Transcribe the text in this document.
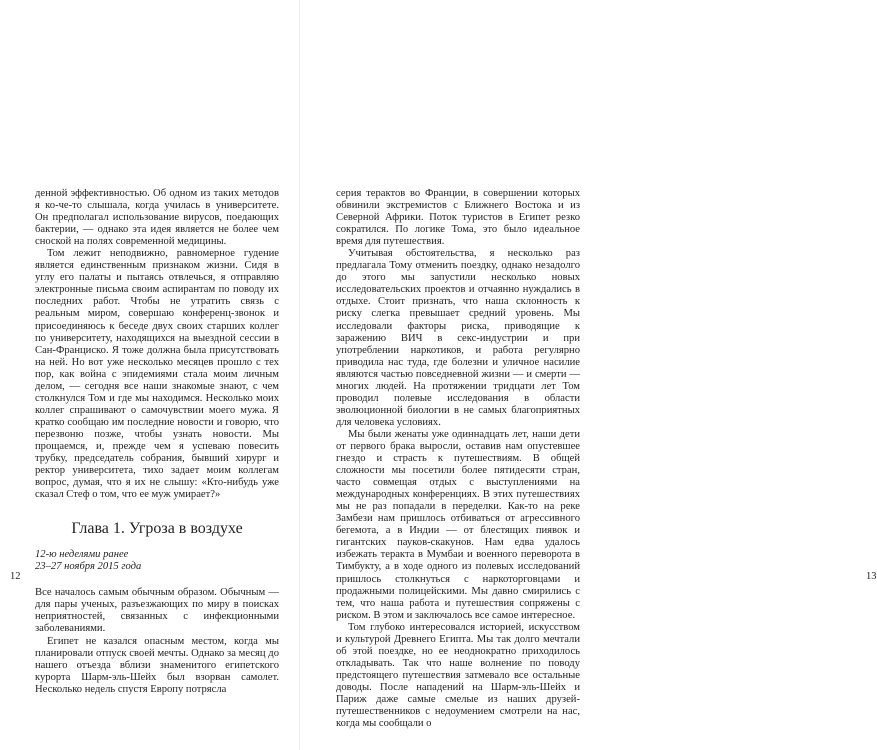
денной эффективностью. Об одном из таких методов я ко-че-то слышала, когда училась в университете. Он предполагал использование вирусов, поедающих бактерии, — однако эта идея является не более чем сноской на полях современной медицины.

Том лежит неподвижно, равномерное гудение является единственным признаком жизни. Сидя в углу его палаты и пытаясь отвлечься, я отправляю электронные письма своим аспирантам по поводу их последних работ. Чтобы не утратить связь с реальным миром, совершаю конференц-звонок и присоединяюсь к беседе двух своих старших коллег по университету, находящихся на выездной сессии в Сан-Франциско. Я тоже должна была присутствовать на ней. Но вот уже несколько месяцев прошло с тех пор, как война с эпидемиями стала моим личным делом, — сегодня все наши знакомые знают, с чем столкнулся Том и где мы находимся. Несколько моих коллег спрашивают о самочувствии моего мужа. Я кратко сообщаю им последние новости и говорю, что перезвоню позже, чтобы узнать новости. Мы прощаемся, и, прежде чем я успеваю повесить трубку, председатель собрания, бывший хирург и ректор университета, тихо задает моим коллегам вопрос, думая, что я их не слышу: «Кто-нибудь уже сказал Стеф о том, что ее муж умирает?»

Глава 1. Угроза в воздухе
12-ю неделями ранее
23–27 ноября 2015 года

Все началось самым обычным образом. Обычным — для пары ученых, разъезжающих по миру в поисках неприятностей, связанных с инфекционными заболеваниями.

Египет не казался опасным местом, когда мы планировали отпуск своей мечты. Однако за месяц до нашего отъезда вблизи знаменитого египетского курорта Шарм-эль-Шейх был взорван самолет. Несколько недель спустя Европу потрясла

12

серия терактов во Франции, в совершении которых обвинили экстремистов с Ближнего Востока и из Северной Африки. Поток туристов в Египет резко сократился. По логике Тома, это было идеальное время для путешествия.

Учитывая обстоятельства, я несколько раз предлагала Тому отменить поездку, однако незадолго до этого мы запустили несколько новых исследовательских проектов и отчаянно нуждались в отдыхе. Стоит признать, что наша склонность к риску слегка превышает средний уровень. Мы исследовали факторы риска, приводящие к заражению ВИЧ в секс-индустрии и при употреблении наркотиков, и работа регулярно приводила нас туда, где болезни и уличное насилие являются частью повседневной жизни — и смерти — многих людей. На протяжении тридцати лет Том проводил полевые исследования в области эволюционной биологии в не самых благоприятных для человека условиях.

Мы были женаты уже одиннадцать лет, наши дети от первого брака выросли, оставив нам опустевшее гнездо и страсть к путешествиям. В общей сложности мы посетили более пятидесяти стран, часто совмещая отдых с выступлениями на международных конференциях. В этих путешествиях мы не раз попадали в переделки. Как-то на реке Замбези нам пришлось отбиваться от агрессивного бегемота, а в Индии — от блестящих пиявок и гигантских пауков-скакунов. Нам едва удалось избежать теракта в Мумбаи и военного переворота в Тимбукту, а в ходе одного из полевых исследований пришлось столкнуться с наркоторговцами и продажными полицейскими. Мы давно смирились с тем, что наша работа и путешествия сопряжены с риском. В этом и заключалось все самое интересное.

Том глубоко интересовался историей, искусством и культурой Древнего Египта. Мы так долго мечтали об этой поездке, но ее неоднократно приходилось откладывать. Так что наше волнение по поводу предстоящего путешествия затмевало все остальные доводы. После нападений на Шарм-эль-Шейх и Париж даже самые смелые из наших друзей-путешественников с недоумением смотрели на нас, когда мы сообщали о

13
